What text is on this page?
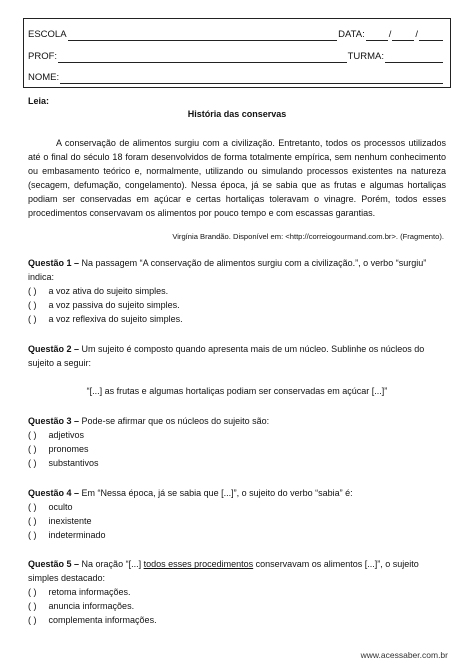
ESCOLA	DATA:	/	/
PROF:	TURMA:
NOME:

Leia:

História das conservas

A conservação de alimentos surgiu com a civilização. Entretanto, todos os processos utilizados até o final do século 18 foram desenvolvidos de forma totalmente empírica, sem nenhum conhecimento ou embasamento teórico e, normalmente, utilizando ou simulando processos existentes na natureza (secagem, defumação, congelamento). Nessa época, já se sabia que as frutas e algumas hortaliças podiam ser conservadas em açúcar e certas hortaliças toleravam o vinagre. Porém, todos esses procedimentos conservavam os alimentos por pouco tempo e com escassas garantias.

Virgínia Brandão. Disponível em: <http://correiogourmand.com.br>. (Fragmento).

Questão 1 – Na passagem “A conservação de alimentos surgiu com a civilização.”, o verbo “surgiu” indica:

( ) a voz ativa do sujeito simples.

( ) a voz passiva do sujeito simples.

( ) a voz reflexiva do sujeito simples.

Questão 2 – Um sujeito é composto quando apresenta mais de um núcleo. Sublinhe os núcleos do sujeito a seguir:

“[...] as frutas e algumas hortaliças podiam ser conservadas em açúcar [...]”

Questão 3 – Pode-se afirmar que os núcleos do sujeito são:

( ) adjetivos

( ) pronomes

( ) substantivos

Questão 4 – Em “Nessa época, já se sabia que [...]”, o sujeito do verbo “sabia” é:

( ) oculto

( ) inexistente

( ) indeterminado

Questão 5 – Na oração “[...] todos esses procedimentos conservavam os alimentos [...]”, o sujeito simples destacado:

( ) retoma informações.

( ) anuncia informações.

( ) complementa informações.

www.acessaber.com.br
